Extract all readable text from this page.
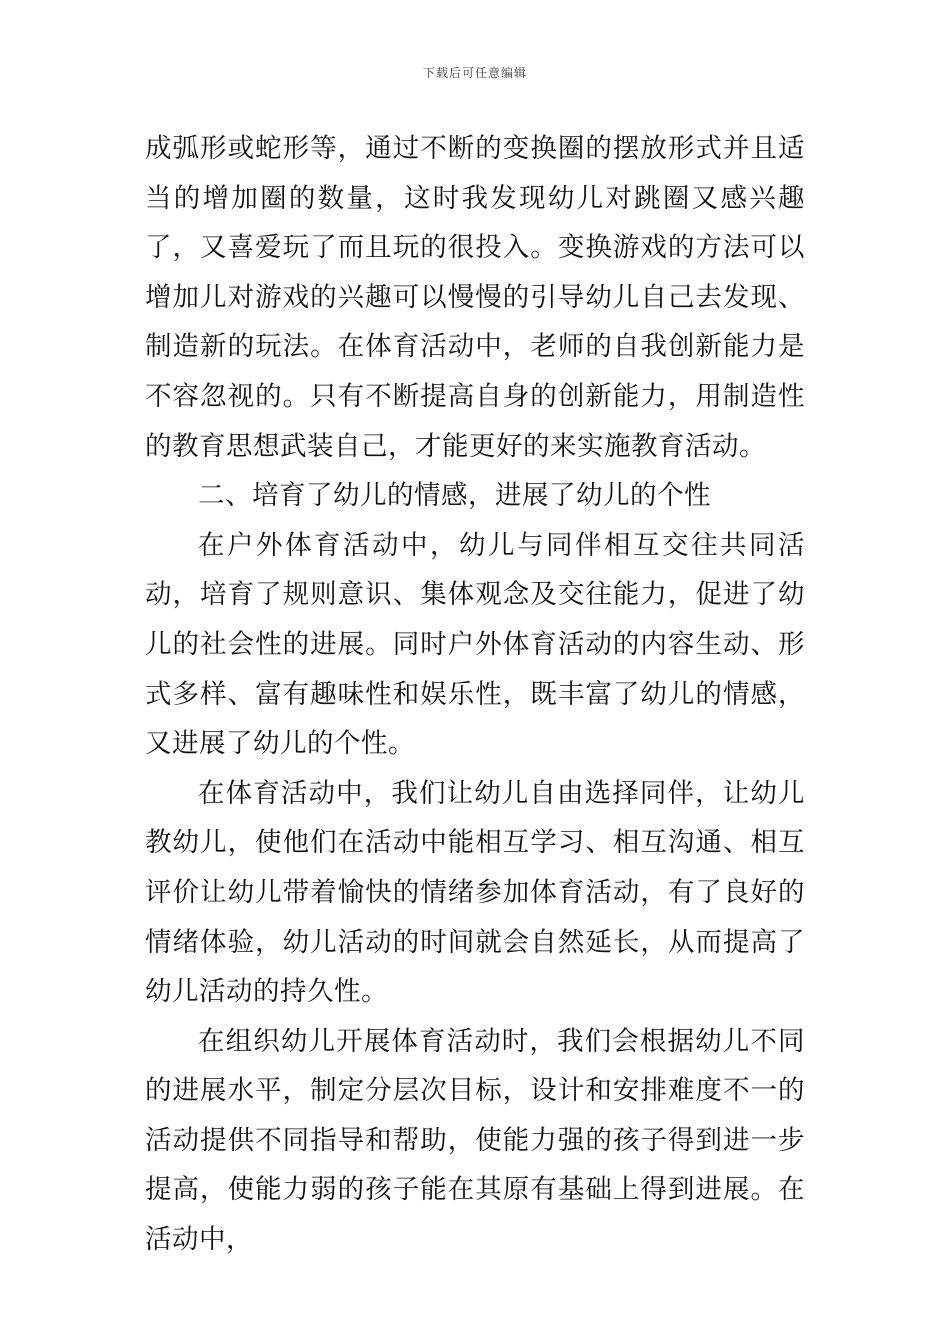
下载后可任意编辑

成弧形或蛇形等，通过不断的变换圈的摆放形式并且适当的增加圈的数量，这时我发现幼儿对跳圈又感兴趣了，又喜爱玩了而且玩的很投入。变换游戏的方法可以增加儿对游戏的兴趣可以慢慢的引导幼儿自己去发现、制造新的玩法。在体育活动中，老师的自我创新能力是不容忽视的。只有不断提高自身的创新能力，用制造性的教育思想武装自己，才能更好的来实施教育活动。

二、培育了幼儿的情感，进展了幼儿的个性

在户外体育活动中，幼儿与同伴相互交往共同活动，培育了规则意识、集体观念及交往能力，促进了幼儿的社会性的进展。同时户外体育活动的内容生动、形式多样、富有趣味性和娱乐性，既丰富了幼儿的情感，又进展了幼儿的个性。

在体育活动中，我们让幼儿自由选择同伴，让幼儿教幼儿，使他们在活动中能相互学习、相互沟通、相互评价让幼儿带着愉快的情绪参加体育活动，有了良好的情绪体验，幼儿活动的时间就会自然延长，从而提高了幼儿活动的持久性。

在组织幼儿开展体育活动时，我们会根据幼儿不同的进展水平，制定分层次目标，设计和安排难度不一的活动提供不同指导和帮助，使能力强的孩子得到进一步提高，使能力弱的孩子能在其原有基础上得到进展。在活动中，
